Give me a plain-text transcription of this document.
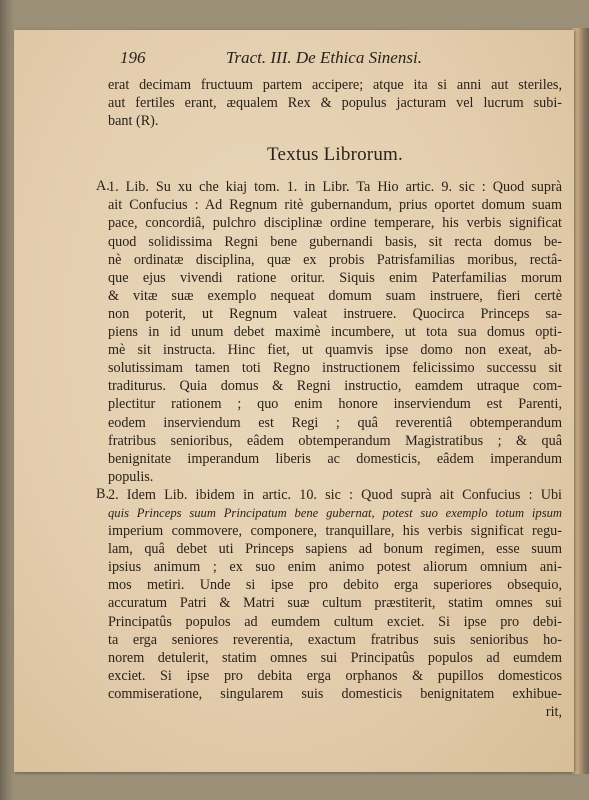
196	Tract. III. De Ethica Sinensi.
erat decimam fructuum partem accipere; atque ita si anni aut steriles,
aut fertiles erant, æqualem Rex & populus jacturam vel lucrum subi-
bant (R).
Textus Librorum.
A.
1. Lib. Su xu che kiaj tom. 1. in Libr. Ta Hio artic. 9. sic : Quod suprà
ait Confucius : Ad Regnum ritè gubernandum, prius oportet domum suam
pace, concordiâ, pulchro disciplinæ ordine temperare, his verbis significat
quod solidissima Regni bene gubernandi basis, sit recta domus be-
nè ordinatæ disciplina, quæ ex probis Patrisfamilias moribus, rectâ-
que ejus vivendi ratione oritur. Siquis enim Paterfamilias morum
& vitæ suæ exemplo nequeat domum suam instruere, fieri certè
non poterit, ut Regnum valeat instruere. Quocirca Princeps sa-
piens in id unum debet maximè incumbere, ut tota sua domus opti-
mè sit instructa. Hinc fiet, ut quamvis ipse domo non exeat, ab-
solutissimam tamen toti Regno instructionem felicissimo successu sit
traditurus. Quia domus & Regni instructio, eamdem utraque com-
plectitur rationem ; quo enim honore inserviendum est Parenti,
eodem inserviendum est Regi ; quâ reverentiâ obtemperandum
fratribus senioribus, eâdem obtemperandum Magistratibus ; & quâ
benignitate imperandum liberis ac domesticis, eâdem imperandum
populis.
B.
2. Idem Lib. ibidem in artic. 10. sic : Quod suprà ait Confucius : Ubi
quis Princeps suum Principatum bene gubernat, potest suo exemplo totum ipsum
imperium commovere, componere, tranquillare, his verbis significat regu-
lam, quâ debet uti Princeps sapiens ad bonum regimen, esse suum
ipsius animum ; ex suo enim animo potest aliorum omnium ani-
mos metiri. Unde si ipse pro debito erga superiores obsequio,
accuratum Patri & Matri suæ cultum præstiterit, statim omnes sui
Principatûs populos ad eumdem cultum exciet. Si ipse pro debi-
ta erga seniores reverentia, exactum fratribus suis senioribus ho-
norem detulerit, statim omnes sui Principatûs populos ad eumdem
exciet. Si ipse pro debita erga orphanos & pupillos domesticos
commiseratione, singularem suis domesticis benignitatem exhibue-
rit,
